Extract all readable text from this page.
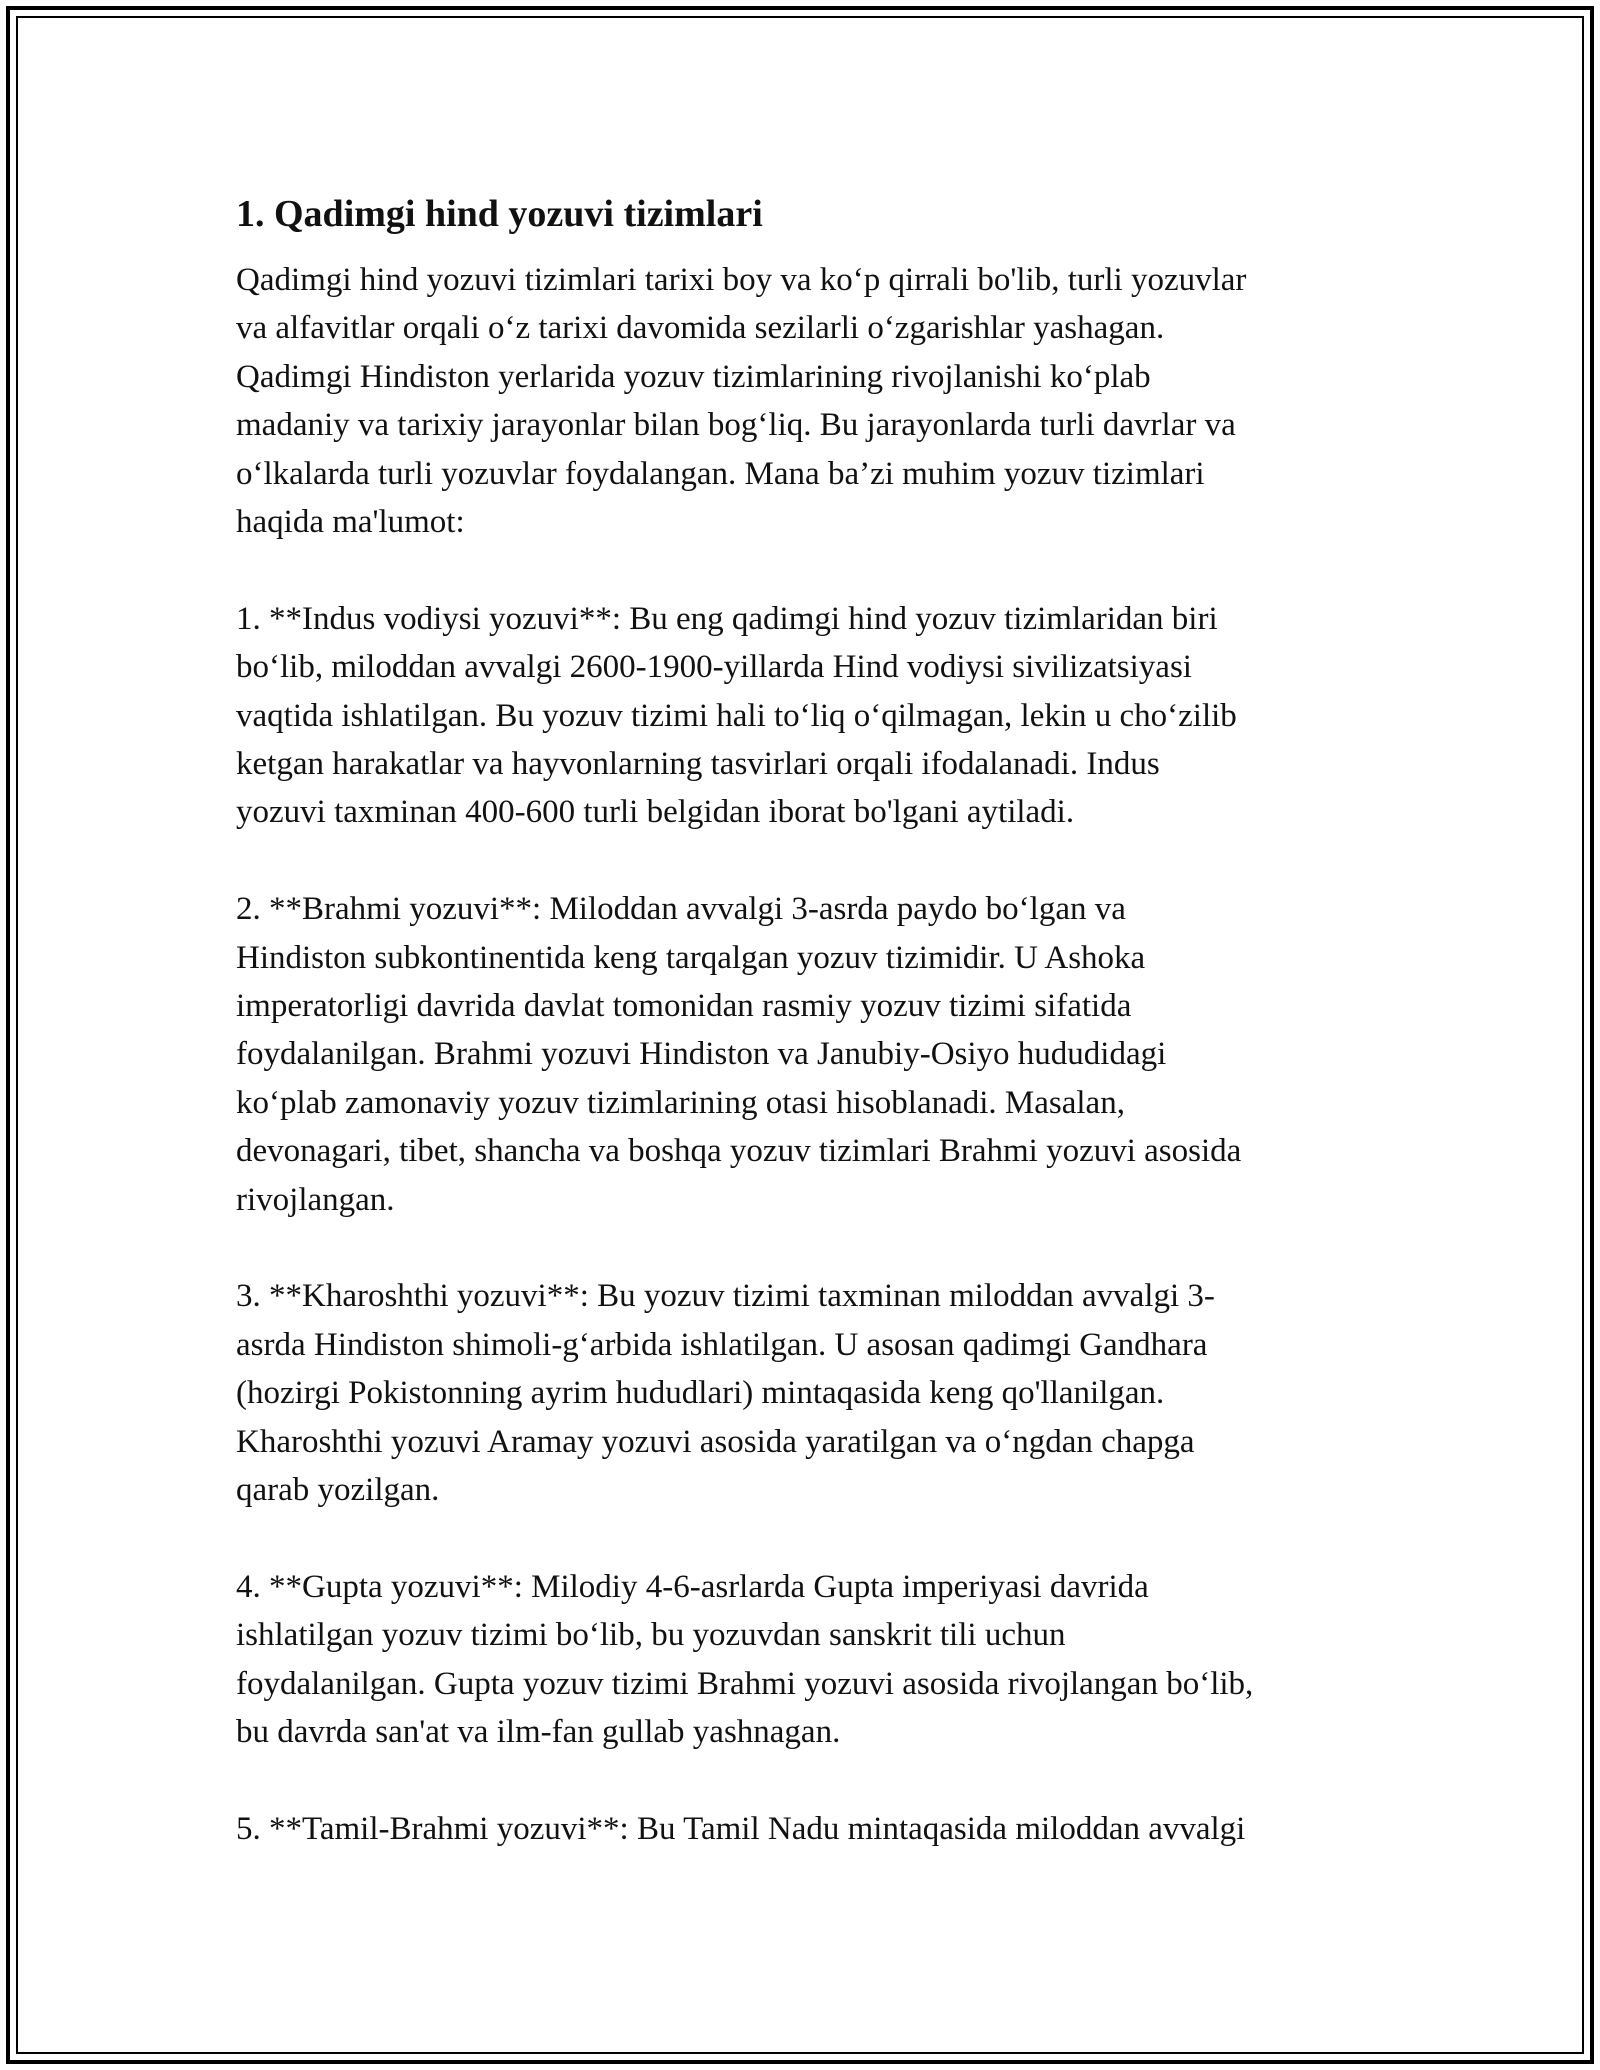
1. Qadimgi hind yozuvi tizimlari

Qadimgi hind yozuvi tizimlari tarixi boy va ko‘p qirrali bo'lib, turli yozuvlar
va alfavitlar orqali o‘z tarixi davomida sezilarli o‘zgarishlar yashagan.
Qadimgi Hindiston yerlarida yozuv tizimlarining rivojlanishi ko‘plab
madaniy va tarixiy jarayonlar bilan bog‘liq. Bu jarayonlarda turli davrlar va
o‘lkalarda turli yozuvlar foydalangan. Mana ba’zi muhim yozuv tizimlari
haqida ma'lumot:

1. **Indus vodiysi yozuvi**: Bu eng qadimgi hind yozuv tizimlaridan biri
bo‘lib, miloddan avvalgi 2600-1900-yillarda Hind vodiysi sivilizatsiyasi
vaqtida ishlatilgan. Bu yozuv tizimi hali to‘liq o‘qilmagan, lekin u cho‘zilib
ketgan harakatlar va hayvonlarning tasvirlari orqali ifodalanadi. Indus
yozuvi taxminan 400-600 turli belgidan iborat bo'lgani aytiladi.

2. **Brahmi yozuvi**: Miloddan avvalgi 3-asrda paydo bo‘lgan va
Hindiston subkontinentida keng tarqalgan yozuv tizimidir. U Ashoka
imperatorligi davrida davlat tomonidan rasmiy yozuv tizimi sifatida
foydalanilgan. Brahmi yozuvi Hindiston va Janubiy-Osiyo hududidagi
ko‘plab zamonaviy yozuv tizimlarining otasi hisoblanadi. Masalan,
devonagari, tibet, shancha va boshqa yozuv tizimlari Brahmi yozuvi asosida
rivojlangan.

3. **Kharoshthi yozuvi**: Bu yozuv tizimi taxminan miloddan avvalgi 3-
asrda Hindiston shimoli-g‘arbida ishlatilgan. U asosan qadimgi Gandhara
(hozirgi Pokistonning ayrim hududlari) mintaqasida keng qo'llanilgan.
Kharoshthi yozuvi Aramay yozuvi asosida yaratilgan va o‘ngdan chapga
qarab yozilgan.

4. **Gupta yozuvi**: Milodiy 4-6-asrlarda Gupta imperiyasi davrida
ishlatilgan yozuv tizimi bo‘lib, bu yozuvdan sanskrit tili uchun
foydalanilgan. Gupta yozuv tizimi Brahmi yozuvi asosida rivojlangan bo‘lib,
bu davrda san'at va ilm-fan gullab yashnagan.

5. **Tamil-Brahmi yozuvi**: Bu Tamil Nadu mintaqasida miloddan avvalgi
